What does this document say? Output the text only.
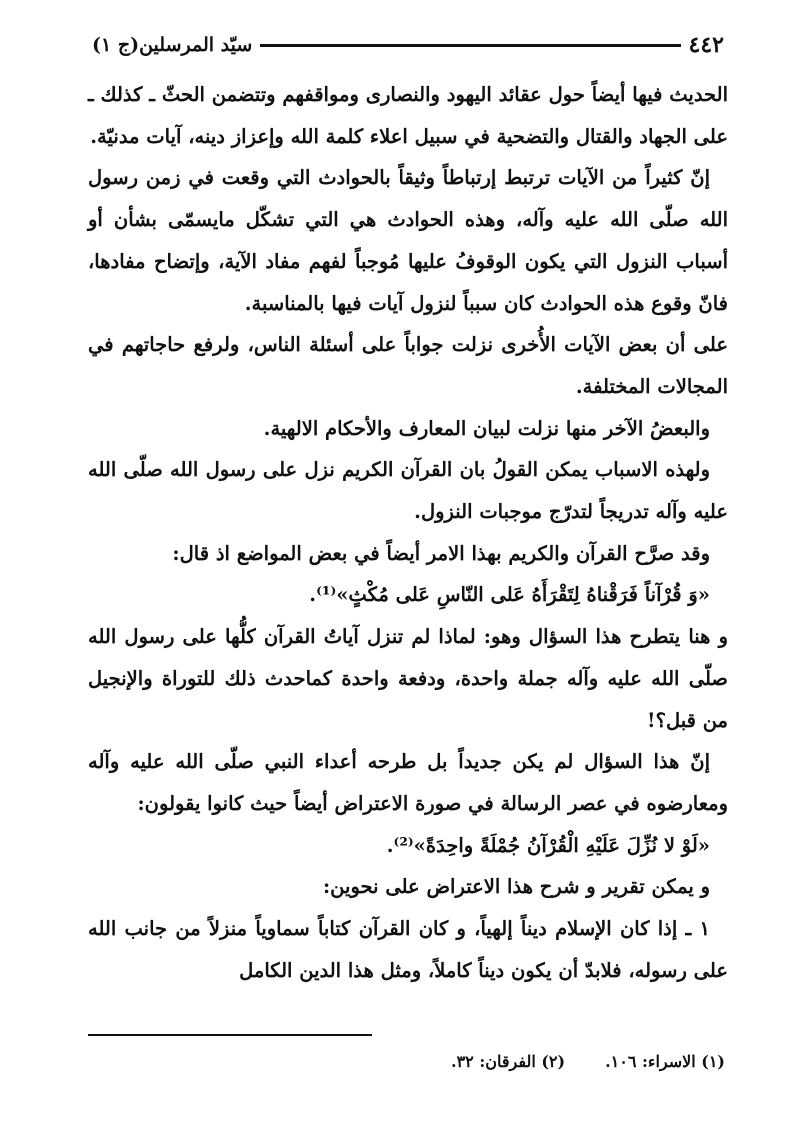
٤٤٢
سيّد المرسلين(ج ١)

الحديث فيها أيضاً حول عقائد اليهود والنصارى ومواقفهم وتتضمن الحثّ ـ كذلك ـ على الجهاد والقتال والتضحية في سبيل اعلاء كلمة الله وإعزاز دينه، آيات مدنيّة.

إنّ كثيراً من الآيات ترتبط إرتباطاً وثيقاً بالحوادث التي وقعت في زمن رسول الله صلّى الله عليه وآله، وهذه الحوادث هي التي تشكّل مايسمّى بشأن أو أسباب النزول التي يكون الوقوفُ عليها مُوجباً لفهم مفاد الآية، وإتضاح مفادها، فانّ وقوع هذه الحوادث كان سبباً لنزول آيات فيها بالمناسبة.

على أن بعض الآيات الأُخرى نزلت جواباً على أسئلة الناس، ولرفع حاجاتهم في المجالات المختلفة.

والبعضُ الآخر منها نزلت لبيان المعارف والأحكام الالهية.

ولهذه الاسباب يمكن القولُ بان القرآن الكريم نزل على رسول الله صلّى الله عليه وآله تدريجاً لتدرّج موجبات النزول.

وقد صرَّح القرآن والكريم بهذا الامر أيضاً في بعض المواضع اذ قال:

«وَ قُرْآناً فَرَقْناهُ لِتَقْرَأَهُ عَلى النّاسِ عَلى مُكْثٍ»⁽¹⁾.

و هنا يتطرح هذا السؤال وهو: لماذا لم تنزل آياتُ القرآن كلُّها على رسول الله صلّى الله عليه وآله جملة واحدة، ودفعة واحدة كماحدث ذلك للتوراة والإنجيل من قبل؟!

إنّ هذا السؤال لم يكن جديداً بل طرحه أعداء النبي صلّى الله عليه وآله ومعارضوه في عصر الرسالة في صورة الاعتراض أيضاً حيث كانوا يقولون:

«لَوْ لا نُزِّلَ عَلَيْهِ الْقُرْآنُ جُمْلَةً واحِدَةً»⁽²⁾.

و يمكن تقرير و شرح هذا الاعتراض على نحوين:

١ ـ إذا كان الإسلام ديناً إلهياً، و كان القرآن كتاباً سماوياً منزلاً من جانب الله على رسوله، فلابدّ أن يكون ديناً كاملاً، ومثل هذا الدين الكامل

(١) الاسراء: ١٠٦.
(٢) الفرقان: ٣٢.
